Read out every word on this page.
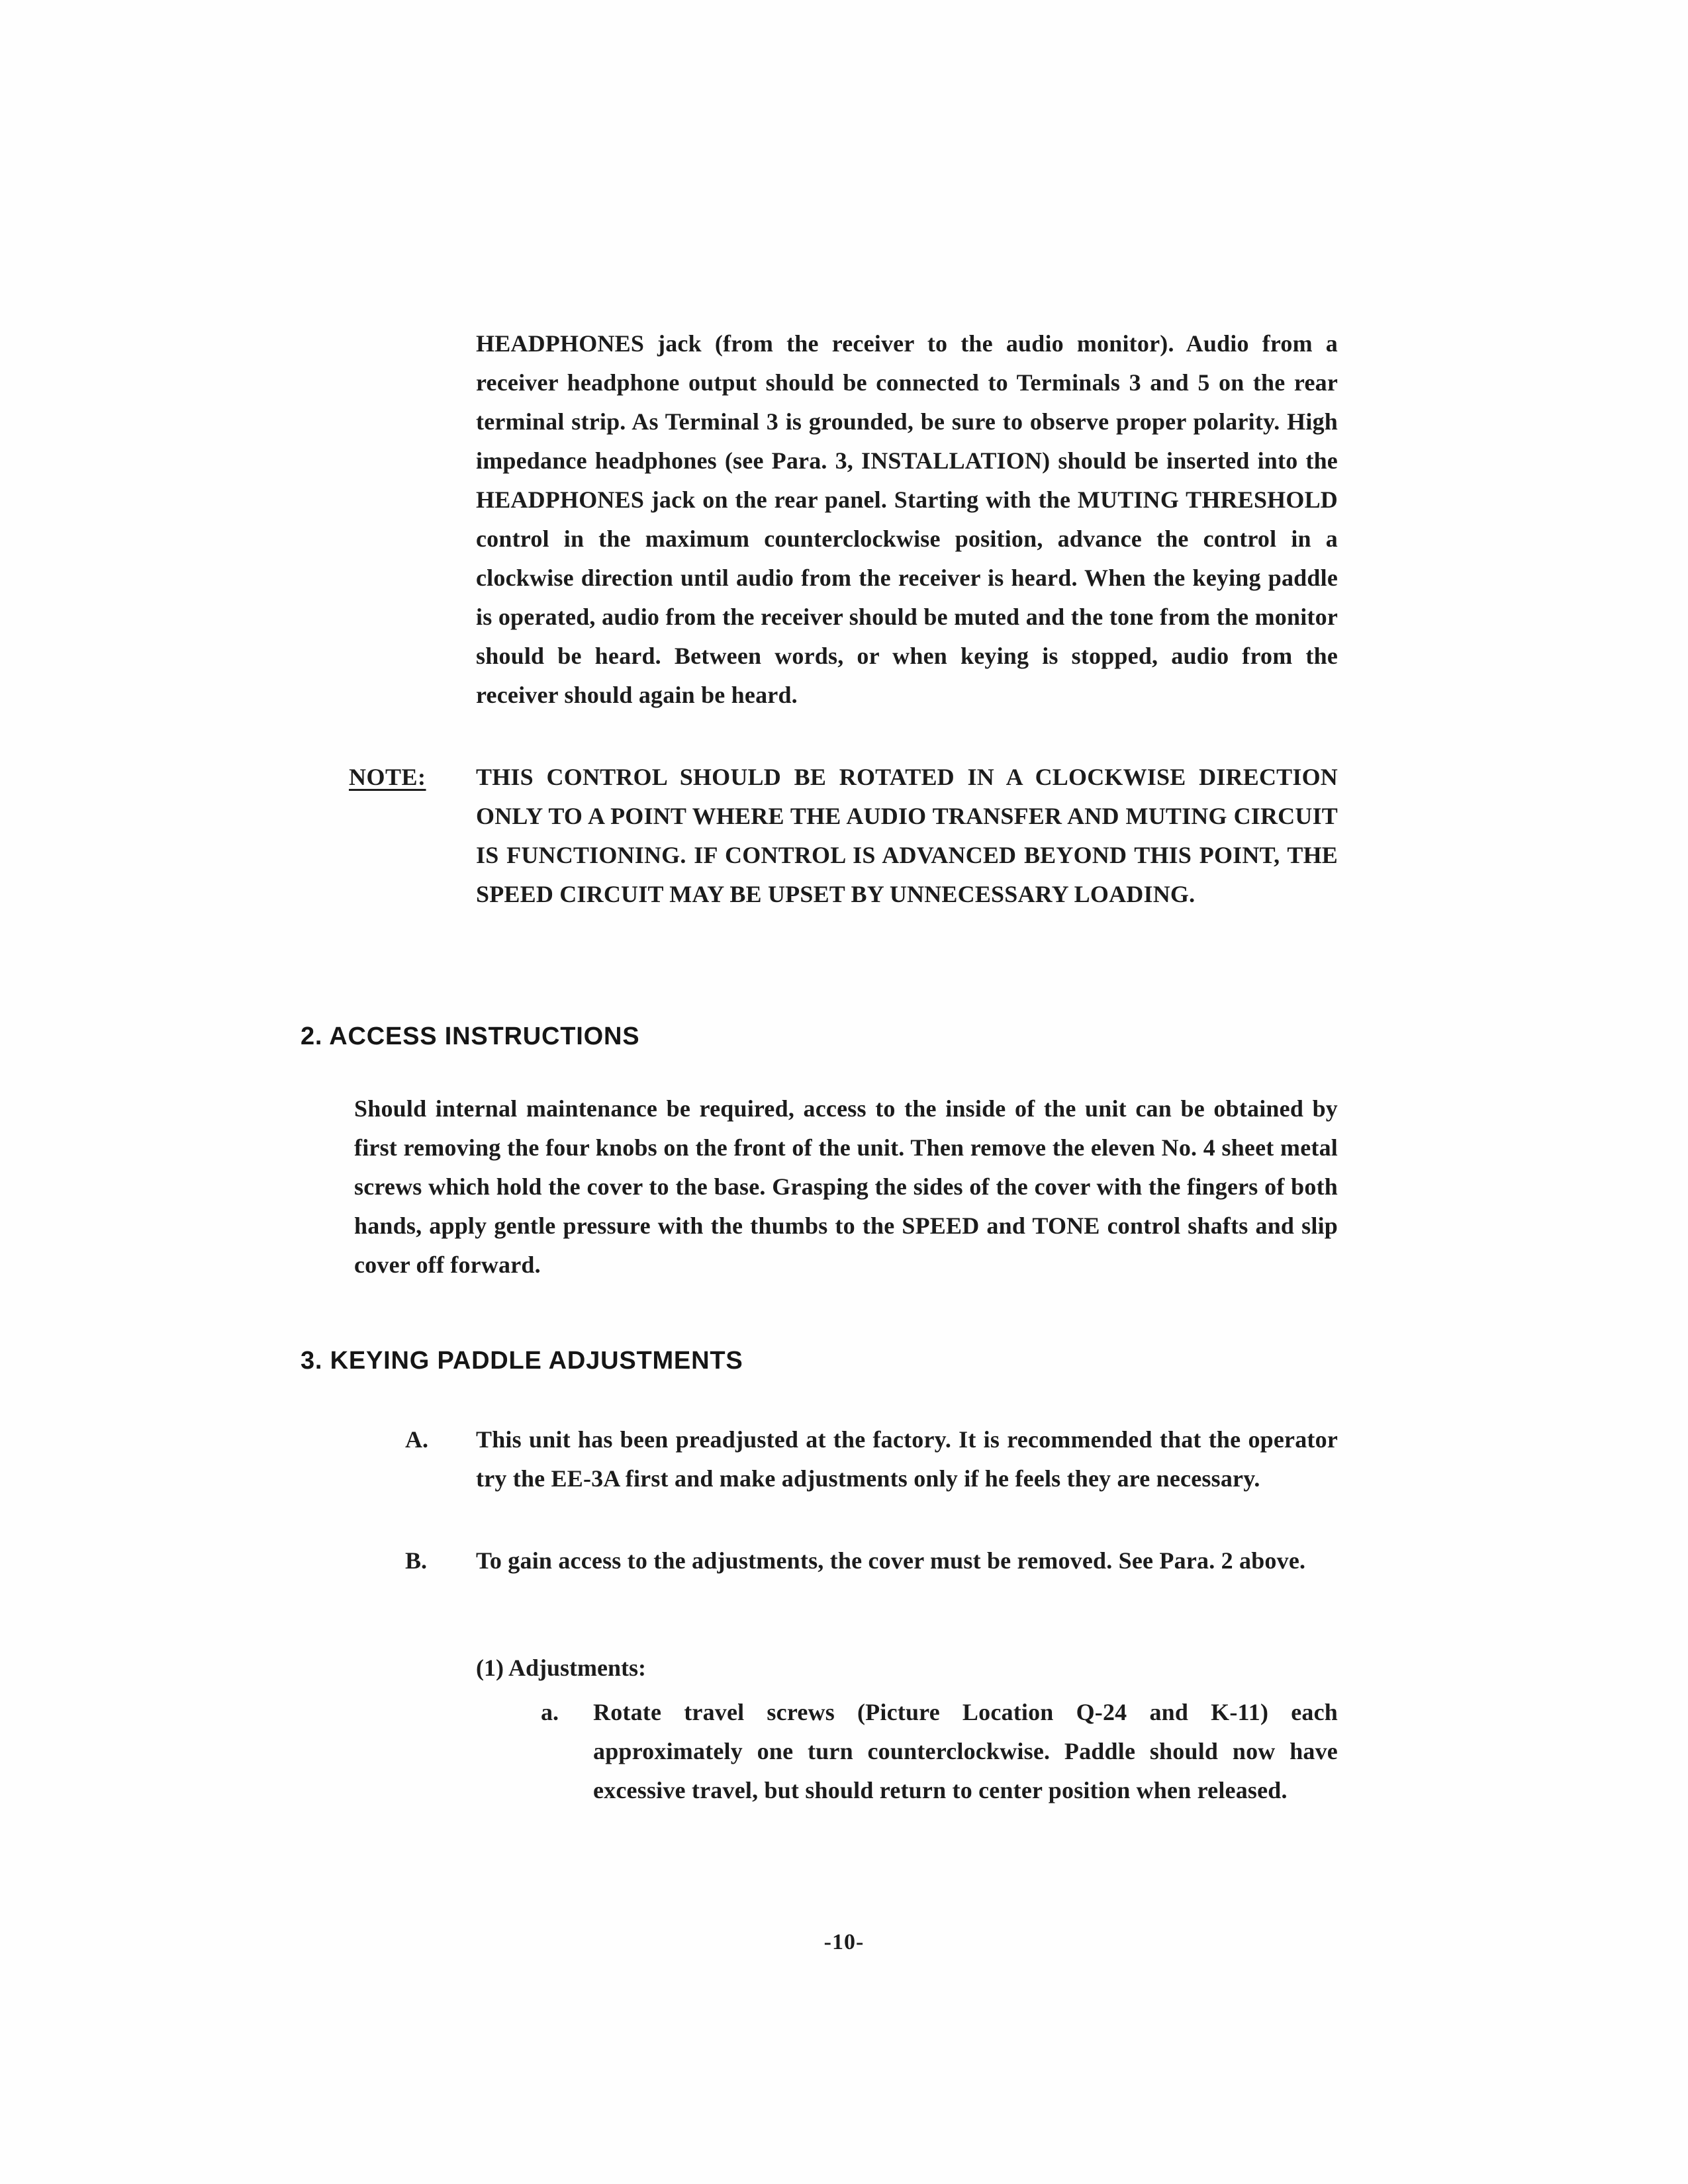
HEADPHONES jack (from the receiver to the audio monitor). Audio from a receiver headphone output should be connected to Terminals 3 and 5 on the rear terminal strip. As Terminal 3 is grounded, be sure to observe proper polarity. High impedance headphones (see Para. 3, INSTALLATION) should be inserted into the HEADPHONES jack on the rear panel. Starting with the MUTING THRESHOLD control in the maximum counterclockwise position, advance the control in a clockwise direction until audio from the receiver is heard. When the keying paddle is operated, audio from the receiver should be muted and the tone from the monitor should be heard. Between words, or when keying is stopped, audio from the receiver should again be heard.
NOTE:	THIS CONTROL SHOULD BE ROTATED IN A CLOCKWISE DIRECTION ONLY TO A POINT WHERE THE AUDIO TRANSFER AND MUTING CIRCUIT IS FUNCTIONING. IF CONTROL IS ADVANCED BEYOND THIS POINT, THE SPEED CIRCUIT MAY BE UPSET BY UNNECESSARY LOADING.
2. ACCESS INSTRUCTIONS
Should internal maintenance be required, access to the inside of the unit can be obtained by first removing the four knobs on the front of the unit. Then remove the eleven No. 4 sheet metal screws which hold the cover to the base. Grasping the sides of the cover with the fingers of both hands, apply gentle pressure with the thumbs to the SPEED and TONE control shafts and slip cover off forward.
3. KEYING PADDLE ADJUSTMENTS
A.	This unit has been preadjusted at the factory. It is recommended that the operator try the EE-3A first and make adjustments only if he feels they are necessary.
B.	To gain access to the adjustments, the cover must be removed. See Para. 2 above.
(1) Adjustments:
a.	Rotate travel screws (Picture Location Q-24 and K-11) each approximately one turn counterclockwise. Paddle should now have excessive travel, but should return to center position when released.
-10-
